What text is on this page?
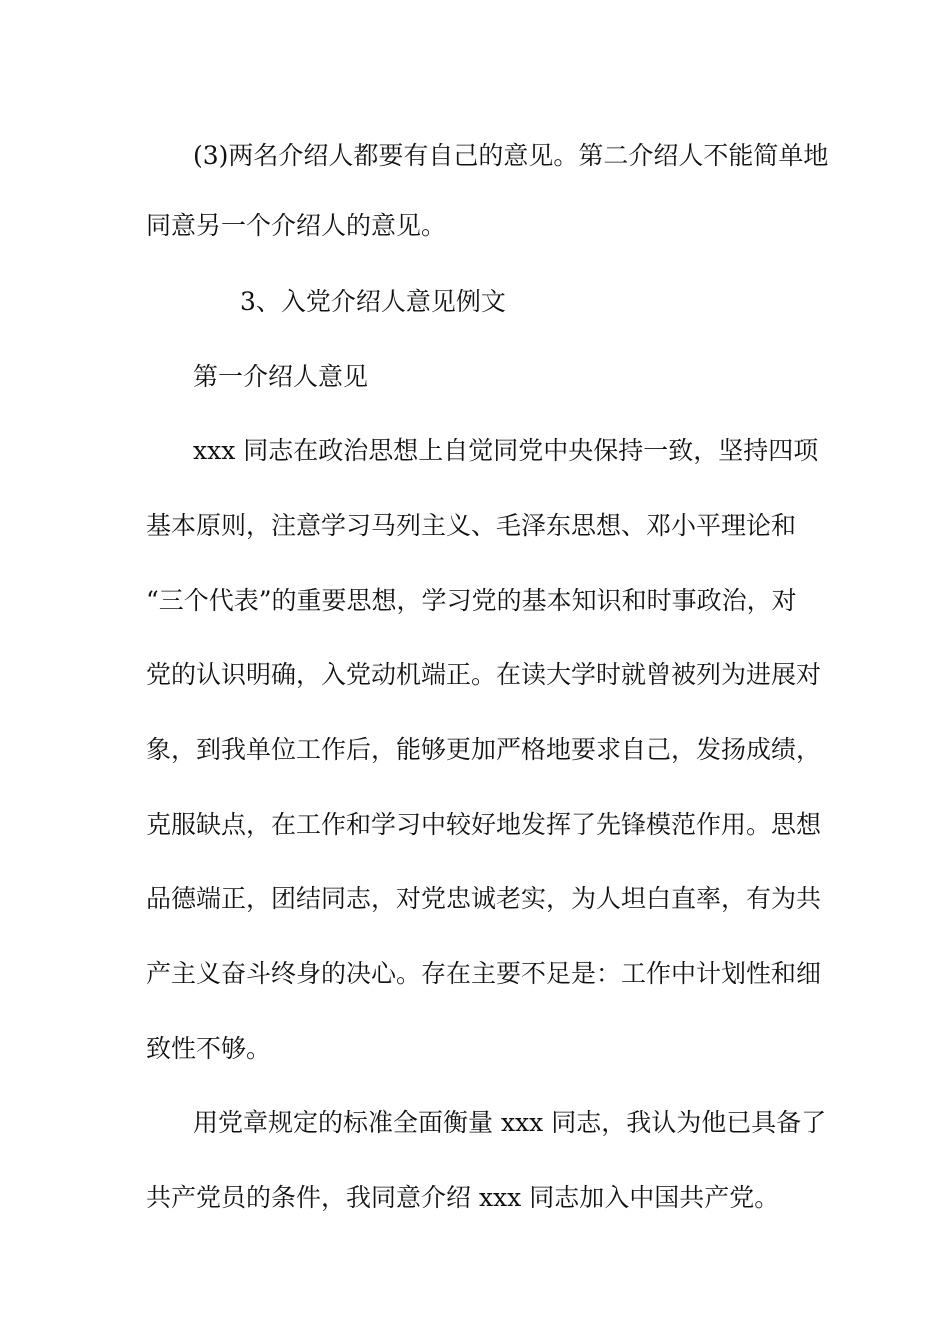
(3)两名介绍人都要有自己的意见。第二介绍人不能简单地
同意另一个介绍人的意见。
3、入党介绍人意见例文
第一介绍人意见
xxx 同志在政治思想上自觉同党中央保持一致，坚持四项
基本原则，注意学习马列主义、毛泽东思想、邓小平理论和
“三个代表”的重要思想，学习党的基本知识和时事政治，对
党的认识明确，入党动机端正。在读大学时就曾被列为进展对
象，到我单位工作后，能够更加严格地要求自己，发扬成绩，
克服缺点，在工作和学习中较好地发挥了先锋模范作用。思想
品德端正，团结同志，对党忠诚老实，为人坦白直率，有为共
产主义奋斗终身的决心。存在主要不足是：工作中计划性和细
致性不够。
用党章规定的标准全面衡量 xxx 同志，我认为他已具备了
共产党员的条件，我同意介绍 xxx 同志加入中国共产党。
